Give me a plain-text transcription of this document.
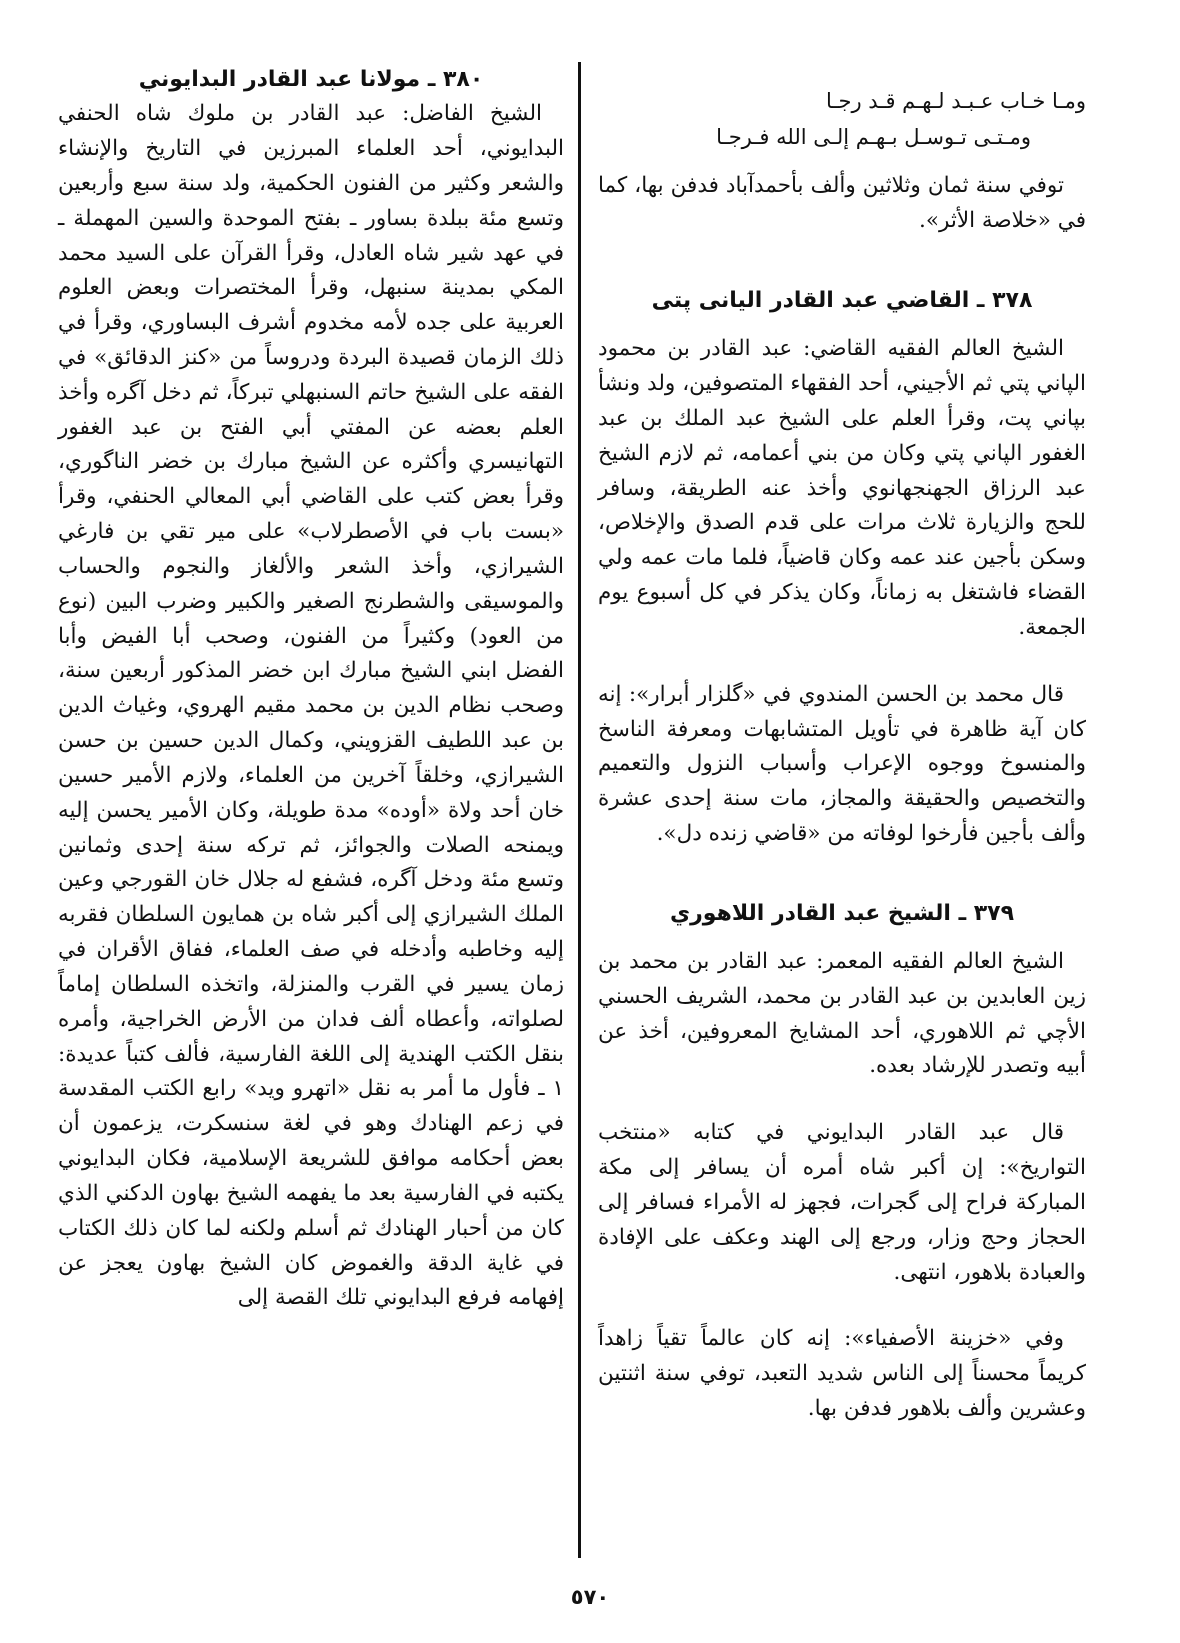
ومـا خـاب عـبـد لـهـم قـد رجـا
ومـتـى تـوسـل بـهـم إلـى الله فـرجـا

توفي سنة ثمان وثلاثين وألف بأحمدآباد فدفن بها، كما في «خلاصة الأثر».

٣٧٨ ـ القاضي عبد القادر اليانى پتى

الشيخ العالم الفقيه القاضي: عبد القادر بن محمود الپاني پتي ثم الأجيني، أحد الفقهاء المتصوفين، ولد ونشأ بپاني پت، وقرأ العلم على الشيخ عبد الملك بن عبد الغفور الپاني پتي وكان من بني أعمامه، ثم لازم الشيخ عبد الرزاق الجهنجهانوي وأخذ عنه الطريقة، وسافر للحج والزيارة ثلاث مرات على قدم الصدق والإخلاص، وسكن بأجين عند عمه وكان قاضياً، فلما مات عمه ولي القضاء فاشتغل به زماناً، وكان يذكر في كل أسبوع يوم الجمعة.

قال محمد بن الحسن المندوي في «گلزار أبرار»: إنه كان آية ظاهرة في تأويل المتشابهات ومعرفة الناسخ والمنسوخ ووجوه الإعراب وأسباب النزول والتعميم والتخصيص والحقيقة والمجاز، مات سنة إحدى عشرة وألف بأجين فأرخوا لوفاته من «قاضي زنده دل».

٣٧٩ ـ الشيخ عبد القادر اللاهوري

الشيخ العالم الفقيه المعمر: عبد القادر بن محمد بن زين العابدين بن عبد القادر بن محمد، الشريف الحسني الأچي ثم اللاهوري، أحد المشايخ المعروفين، أخذ عن أبيه وتصدر للإرشاد بعده.

قال عبد القادر البدايوني في كتابه «منتخب التواريخ»: إن أكبر شاه أمره أن يسافر إلى مكة المباركة فراح إلى گجرات، فجهز له الأمراء فسافر إلى الحجاز وحج وزار، ورجع إلى الهند وعكف على الإفادة والعبادة بلاهور، انتهى.

وفي «خزينة الأصفياء»: إنه كان عالماً تقياً زاهداً كريماً محسناً إلى الناس شديد التعبد، توفي سنة اثنتين وعشرين وألف بلاهور فدفن بها.

٣٨٠ ـ مولانا عبد القادر البدايوني

الشيخ الفاضل: عبد القادر بن ملوك شاه الحنفي البدايوني، أحد العلماء المبرزين في التاريخ والإنشاء والشعر وكثير من الفنون الحكمية، ولد سنة سبع وأربعين وتسع مئة ببلدة بساور ـ بفتح الموحدة والسين المهملة ـ في عهد شير شاه العادل، وقرأ القرآن على السيد محمد المكي بمدينة سنبهل، وقرأ المختصرات وبعض العلوم العربية على جده لأمه مخدوم أشرف البساوري، وقرأ في ذلك الزمان قصيدة البردة ودروساً من «كنز الدقائق» في الفقه على الشيخ حاتم السنبهلي تبركاً، ثم دخل آگره وأخذ العلم بعضه عن المفتي أبي الفتح بن عبد الغفور التهانيسري وأكثره عن الشيخ مبارك بن خضر الناگوري، وقرأ بعض كتب على القاضي أبي المعالي الحنفي، وقرأ «بست باب في الأصطرلاب» على مير تقي بن فارغي الشيرازي، وأخذ الشعر والألغاز والنجوم والحساب والموسيقى والشطرنج الصغير والكبير وضرب البين (نوع من العود) وكثيراً من الفنون، وصحب أبا الفيض وأبا الفضل ابني الشيخ مبارك ابن خضر المذكور أربعين سنة، وصحب نظام الدين بن محمد مقيم الهروي، وغياث الدين بن عبد اللطيف القزويني، وكمال الدين حسين بن حسن الشيرازي، وخلقاً آخرين من العلماء، ولازم الأمير حسين خان أحد ولاة «أوده» مدة طويلة، وكان الأمير يحسن إليه ويمنحه الصلات والجوائز، ثم تركه سنة إحدى وثمانين وتسع مئة ودخل آگره، فشفع له جلال خان القورجي وعين الملك الشيرازي إلى أكبر شاه بن همايون السلطان فقربه إليه وخاطبه وأدخله في صف العلماء، ففاق الأقران في زمان يسير في القرب والمنزلة، واتخذه السلطان إماماً لصلواته، وأعطاه ألف فدان من الأرض الخراجية، وأمره بنقل الكتب الهندية إلى اللغة الفارسية، فألف كتباً عديدة: ١ ـ فأول ما أمر به نقل «اتهرو ويد» رابع الكتب المقدسة في زعم الهنادك وهو في لغة سنسكرت، يزعمون أن بعض أحكامه موافق للشريعة الإسلامية، فكان البدايوني يكتبه في الفارسية بعد ما يفهمه الشيخ بهاون الدكني الذي كان من أحبار الهنادك ثم أسلم ولكنه لما كان ذلك الكتاب في غاية الدقة والغموض كان الشيخ بهاون يعجز عن إفهامه فرفع البدايوني تلك القصة إلى

٥٧٠
